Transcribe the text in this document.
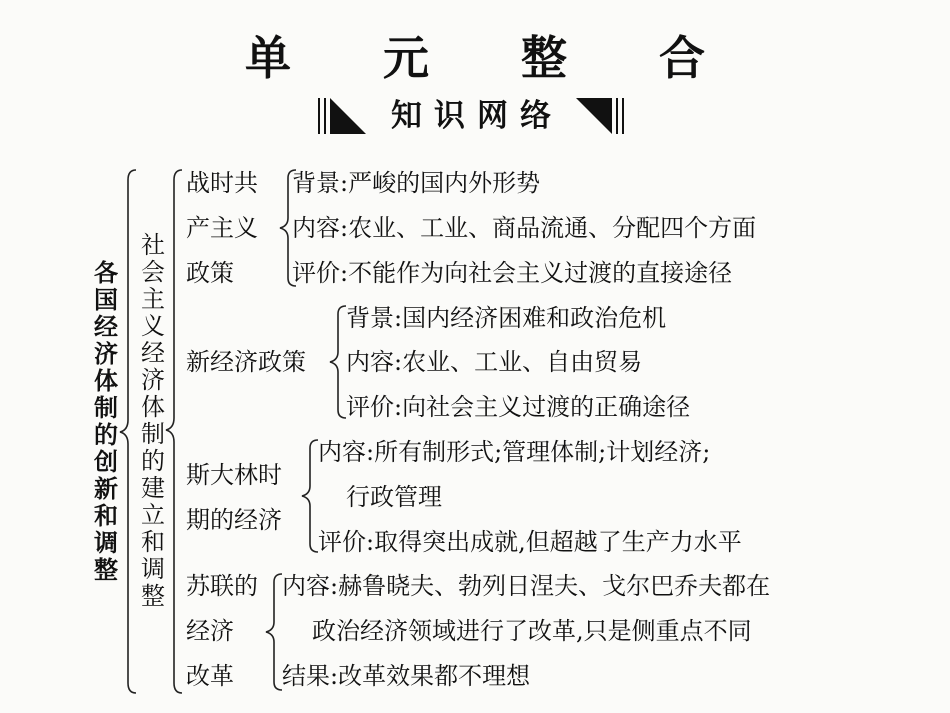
单 元 整 合
知识网络
各国经济体制的创新和调整
社会主义经济体制的建立和调整
战时共
产主义
政策
背景:严峻的国内外形势
内容:农业、工业、商品流通、分配四个方面
评价:不能作为向社会主义过渡的直接途径
新经济政策
背景:国内经济困难和政治危机
内容:农业、工业、自由贸易
评价:向社会主义过渡的正确途径
斯大林时
期的经济
内容:所有制形式;管理体制;计划经济;
行政管理
评价:取得突出成就,但超越了生产力水平
苏联的
经济
改革
内容:赫鲁晓夫、勃列日涅夫、戈尔巴乔夫都在
政治经济领域进行了改革,只是侧重点不同
结果:改革效果都不理想
